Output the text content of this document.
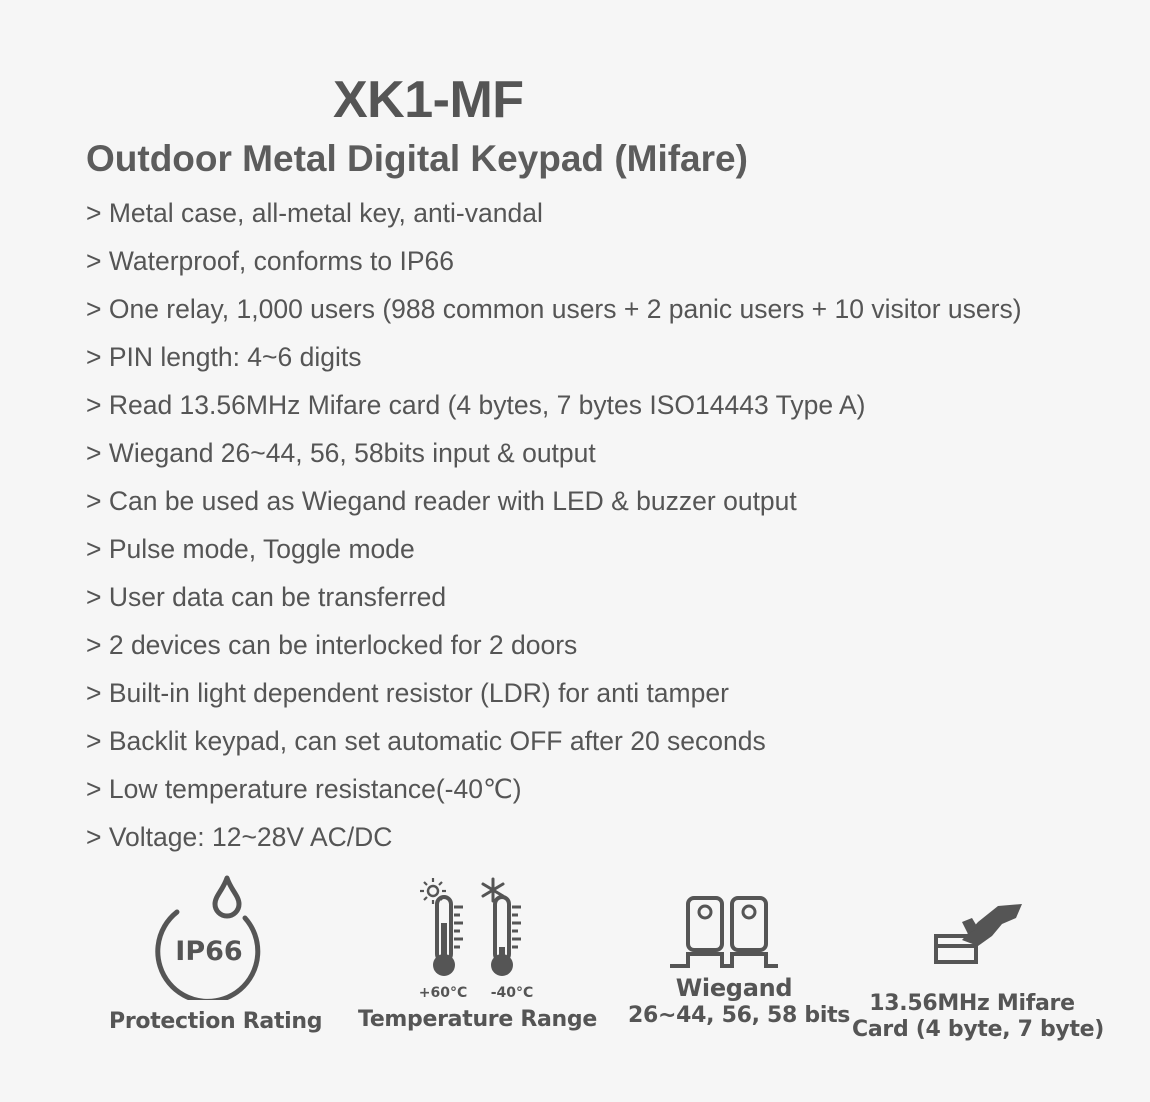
XK1-MF
Outdoor Metal Digital Keypad (Mifare)
> Metal case, all-metal key, anti-vandal
> Waterproof, conforms to IP66
> One relay, 1,000 users (988 common users + 2 panic users + 10 visitor users)
> PIN length: 4~6 digits
> Read 13.56MHz Mifare card (4 bytes, 7 bytes ISO14443 Type A)
> Wiegand 26~44, 56, 58bits input & output
> Can be used as Wiegand reader with LED & buzzer output
> Pulse mode, Toggle mode
> User data can be transferred
> 2 devices can be interlocked for 2 doors
> Built-in light dependent resistor (LDR) for anti tamper
> Backlit keypad, can set automatic OFF after 20 seconds
> Low temperature resistance(-40℃)
> Voltage: 12~28V AC/DC
IP66
Protection Rating
+60°C -40°C
Temperature Range
Wiegand
26~44, 56, 58 bits 13.56MHz Mifare
Card (4 byte, 7 byte)
